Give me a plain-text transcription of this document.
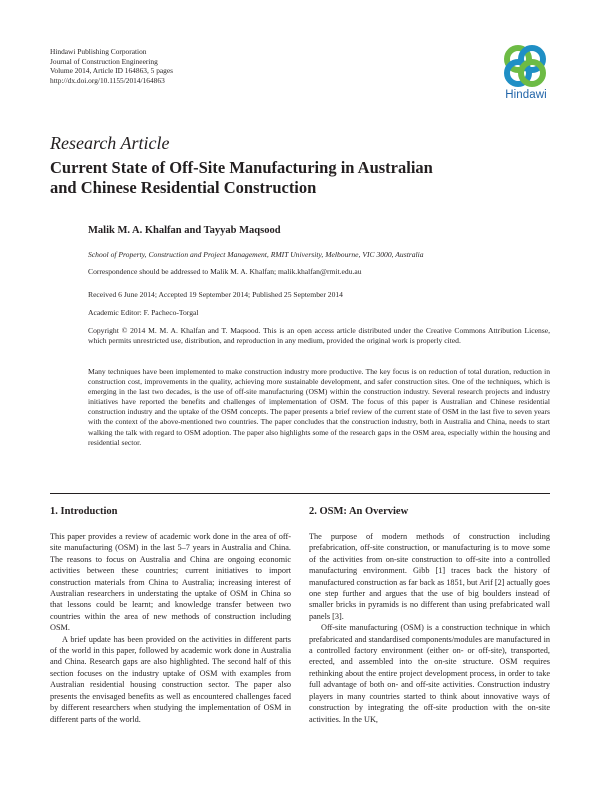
Hindawi Publishing Corporation
Journal of Construction Engineering
Volume 2014, Article ID 164863, 5 pages
http://dx.doi.org/10.1155/2014/164863
Hindawi
Research Article
Current State of Off-Site Manufacturing in Australian
and Chinese Residential Construction
Malik M. A. Khalfan and Tayyab Maqsood
School of Property, Construction and Project Management, RMIT University, Melbourne, VIC 3000, Australia
Correspondence should be addressed to Malik M. A. Khalfan; malik.khalfan@rmit.edu.au
Received 6 June 2014; Accepted 19 September 2014; Published 25 September 2014
Academic Editor: F. Pacheco-Torgal
Copyright © 2014 M. M. A. Khalfan and T. Maqsood. This is an open access article distributed under the Creative Commons Attribution License, which permits unrestricted use, distribution, and reproduction in any medium, provided the original work is properly cited.
Many techniques have been implemented to make construction industry more productive. The key focus is on reduction of total duration, reduction in construction cost, improvements in the quality, achieving more sustainable development, and safer construction sites. One of the techniques, which is emerging in the last two decades, is the use of off-site manufacturing (OSM) within the construction industry. Several research projects and industry initiatives have reported the benefits and challenges of implementation of OSM. The focus of this paper is Australian and Chinese residential construction industry and the uptake of the OSM concepts. The paper presents a brief review of the current state of OSM in the last five to seven years with the context of the above-mentioned two countries. The paper concludes that the construction industry, both in Australia and China, needs to start walking the talk with regard to OSM adoption. The paper also highlights some of the research gaps in the OSM area, especially within the housing and residential sector.
1. Introduction

This paper provides a review of academic work done in the area of off-site manufacturing (OSM) in the last 5–7 years in Australia and China. The reasons to focus on Australia and China are ongoing economic activities between these countries; current initiatives to import construction materials from China to Australia; increasing interest of Australian researchers in understating the uptake of OSM in China so that lessons could be learnt; and knowledge transfer between two countries within the area of new methods of construction including OSM.

A brief update has been provided on the activities in different parts of the world in this paper, followed by academic work done in Australia and China. Research gaps are also highlighted. The second half of this section focuses on the industry uptake of OSM with examples from Australian residential housing construction sector. The paper also presents the envisaged benefits as well as encountered challenges faced by different researchers when studying the implementation of OSM in different parts of the world.

2. OSM: An Overview

The purpose of modern methods of construction including prefabrication, off-site construction, or manufacturing is to move some of the activities from on-site construction to off-site into a controlled manufacturing environment. Gibb [1] traces back the history of manufactured construction as far back as 1851, but Arif [2] actually goes one step further and argues that the use of big boulders instead of smaller bricks in pyramids is no different than using prefabricated wall panels [3].

Off-site manufacturing (OSM) is a construction technique in which prefabricated and standardised components/modules are manufactured in a controlled factory environment (either on- or off-site), transported, erected, and assembled into the on-site structure. OSM requires rethinking about the entire project development process, in order to take full advantage of both on- and off-site activities. Construction industry players in many countries started to think about innovative ways of construction by integrating the off-site production with the on-site activities. In the UK,
